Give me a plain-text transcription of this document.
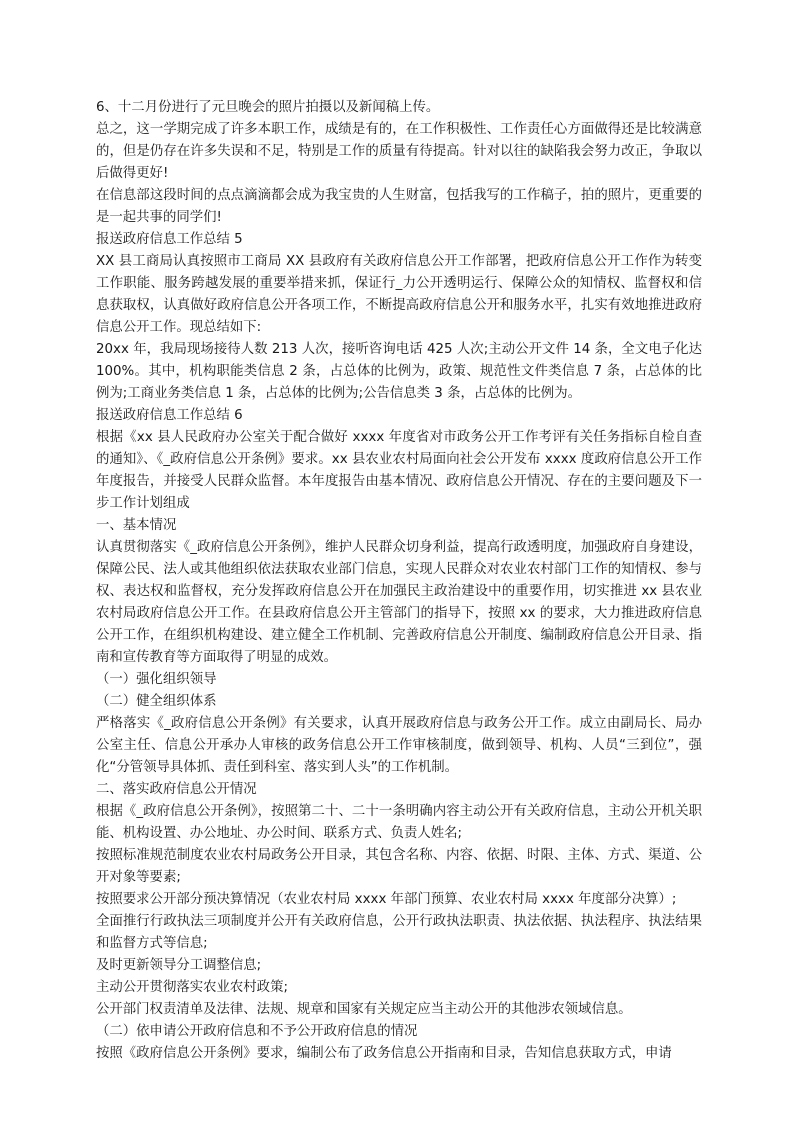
6、十二月份进行了元旦晚会的照片拍摄以及新闻稿上传。

总之，这一学期完成了许多本职工作，成绩是有的，在工作积极性、工作责任心方面做得还是比较满意的，但是仍存在许多失误和不足，特别是工作的质量有待提高。针对以往的缺陷我会努力改正，争取以后做得更好!

在信息部这段时间的点点滴滴都会成为我宝贵的人生财富，包括我写的工作稿子，拍的照片，更重要的是一起共事的同学们!

报送政府信息工作总结 5

XX 县工商局认真按照市工商局 XX 县政府有关政府信息公开工作部署，把政府信息公开工作作为转变工作职能、服务跨越发展的重要举措来抓，保证行_力公开透明运行、保障公众的知情权、监督权和信息获取权，认真做好政府信息公开各项工作，不断提高政府信息公开和服务水平，扎实有效地推进政府信息公开工作。现总结如下:

20xx 年，我局现场接待人数 213 人次，接听咨询电话 425 人次;主动公开文件 14 条，全文电子化达 100%。其中，机构职能类信息 2 条，占总体的比例为，政策、规范性文件类信息 7 条，占总体的比例为;工商业务类信息 1 条，占总体的比例为;公告信息类 3 条，占总体的比例为。

报送政府信息工作总结 6

根据《xx 县人民政府办公室关于配合做好 xxxx 年度省对市政务公开工作考评有关任务指标自检自查的通知》、《_政府信息公开条例》要求。xx 县农业农村局面向社会公开发布 xxxx 度政府信息公开工作年度报告，并接受人民群众监督。本年度报告由基本情况、政府信息公开情况、存在的主要问题及下一步工作计划组成

一、基本情况

认真贯彻落实《_政府信息公开条例》，维护人民群众切身利益，提高行政透明度，加强政府自身建设，保障公民、法人或其他组织依法获取农业部门信息，实现人民群众对农业农村部门工作的知情权、参与权、表达权和监督权，充分发挥政府信息公开在加强民主政治建设中的重要作用，切实推进 xx 县农业农村局政府信息公开工作。在县政府信息公开主管部门的指导下，按照 xx 的要求，大力推进政府信息公开工作，在组织机构建设、建立健全工作机制、完善政府信息公开制度、编制政府信息公开目录、指南和宣传教育等方面取得了明显的成效。

（一）强化组织领导

（二）健全组织体系

严格落实《_政府信息公开条例》有关要求，认真开展政府信息与政务公开工作。成立由副局长、局办公室主任、信息公开承办人审核的政务信息公开工作审核制度，做到领导、机构、人员“三到位”，强化“分管领导具体抓、责任到科室、落实到人头”的工作机制。

二、落实政府信息公开情况

根据《_政府信息公开条例》，按照第二十、二十一条明确内容主动公开有关政府信息，主动公开机关职能、机构设置、办公地址、办公时间、联系方式、负责人姓名;

按照标准规范制度农业农村局政务公开目录，其包含名称、内容、依据、时限、主体、方式、渠道、公开对象等要素;

按照要求公开部分预决算情况（农业农村局 xxxx 年部门预算、农业农村局 xxxx 年度部分决算）;

全面推行行政执法三项制度并公开有关政府信息，公开行政执法职责、执法依据、执法程序、执法结果和监督方式等信息;

及时更新领导分工调整信息;

主动公开贯彻落实农业农村政策;

公开部门权责清单及法律、法规、规章和国家有关规定应当主动公开的其他涉农领域信息。

（二）依申请公开政府信息和不予公开政府信息的情况

按照《政府信息公开条例》要求，编制公布了政务信息公开指南和目录，告知信息获取方式，申请
